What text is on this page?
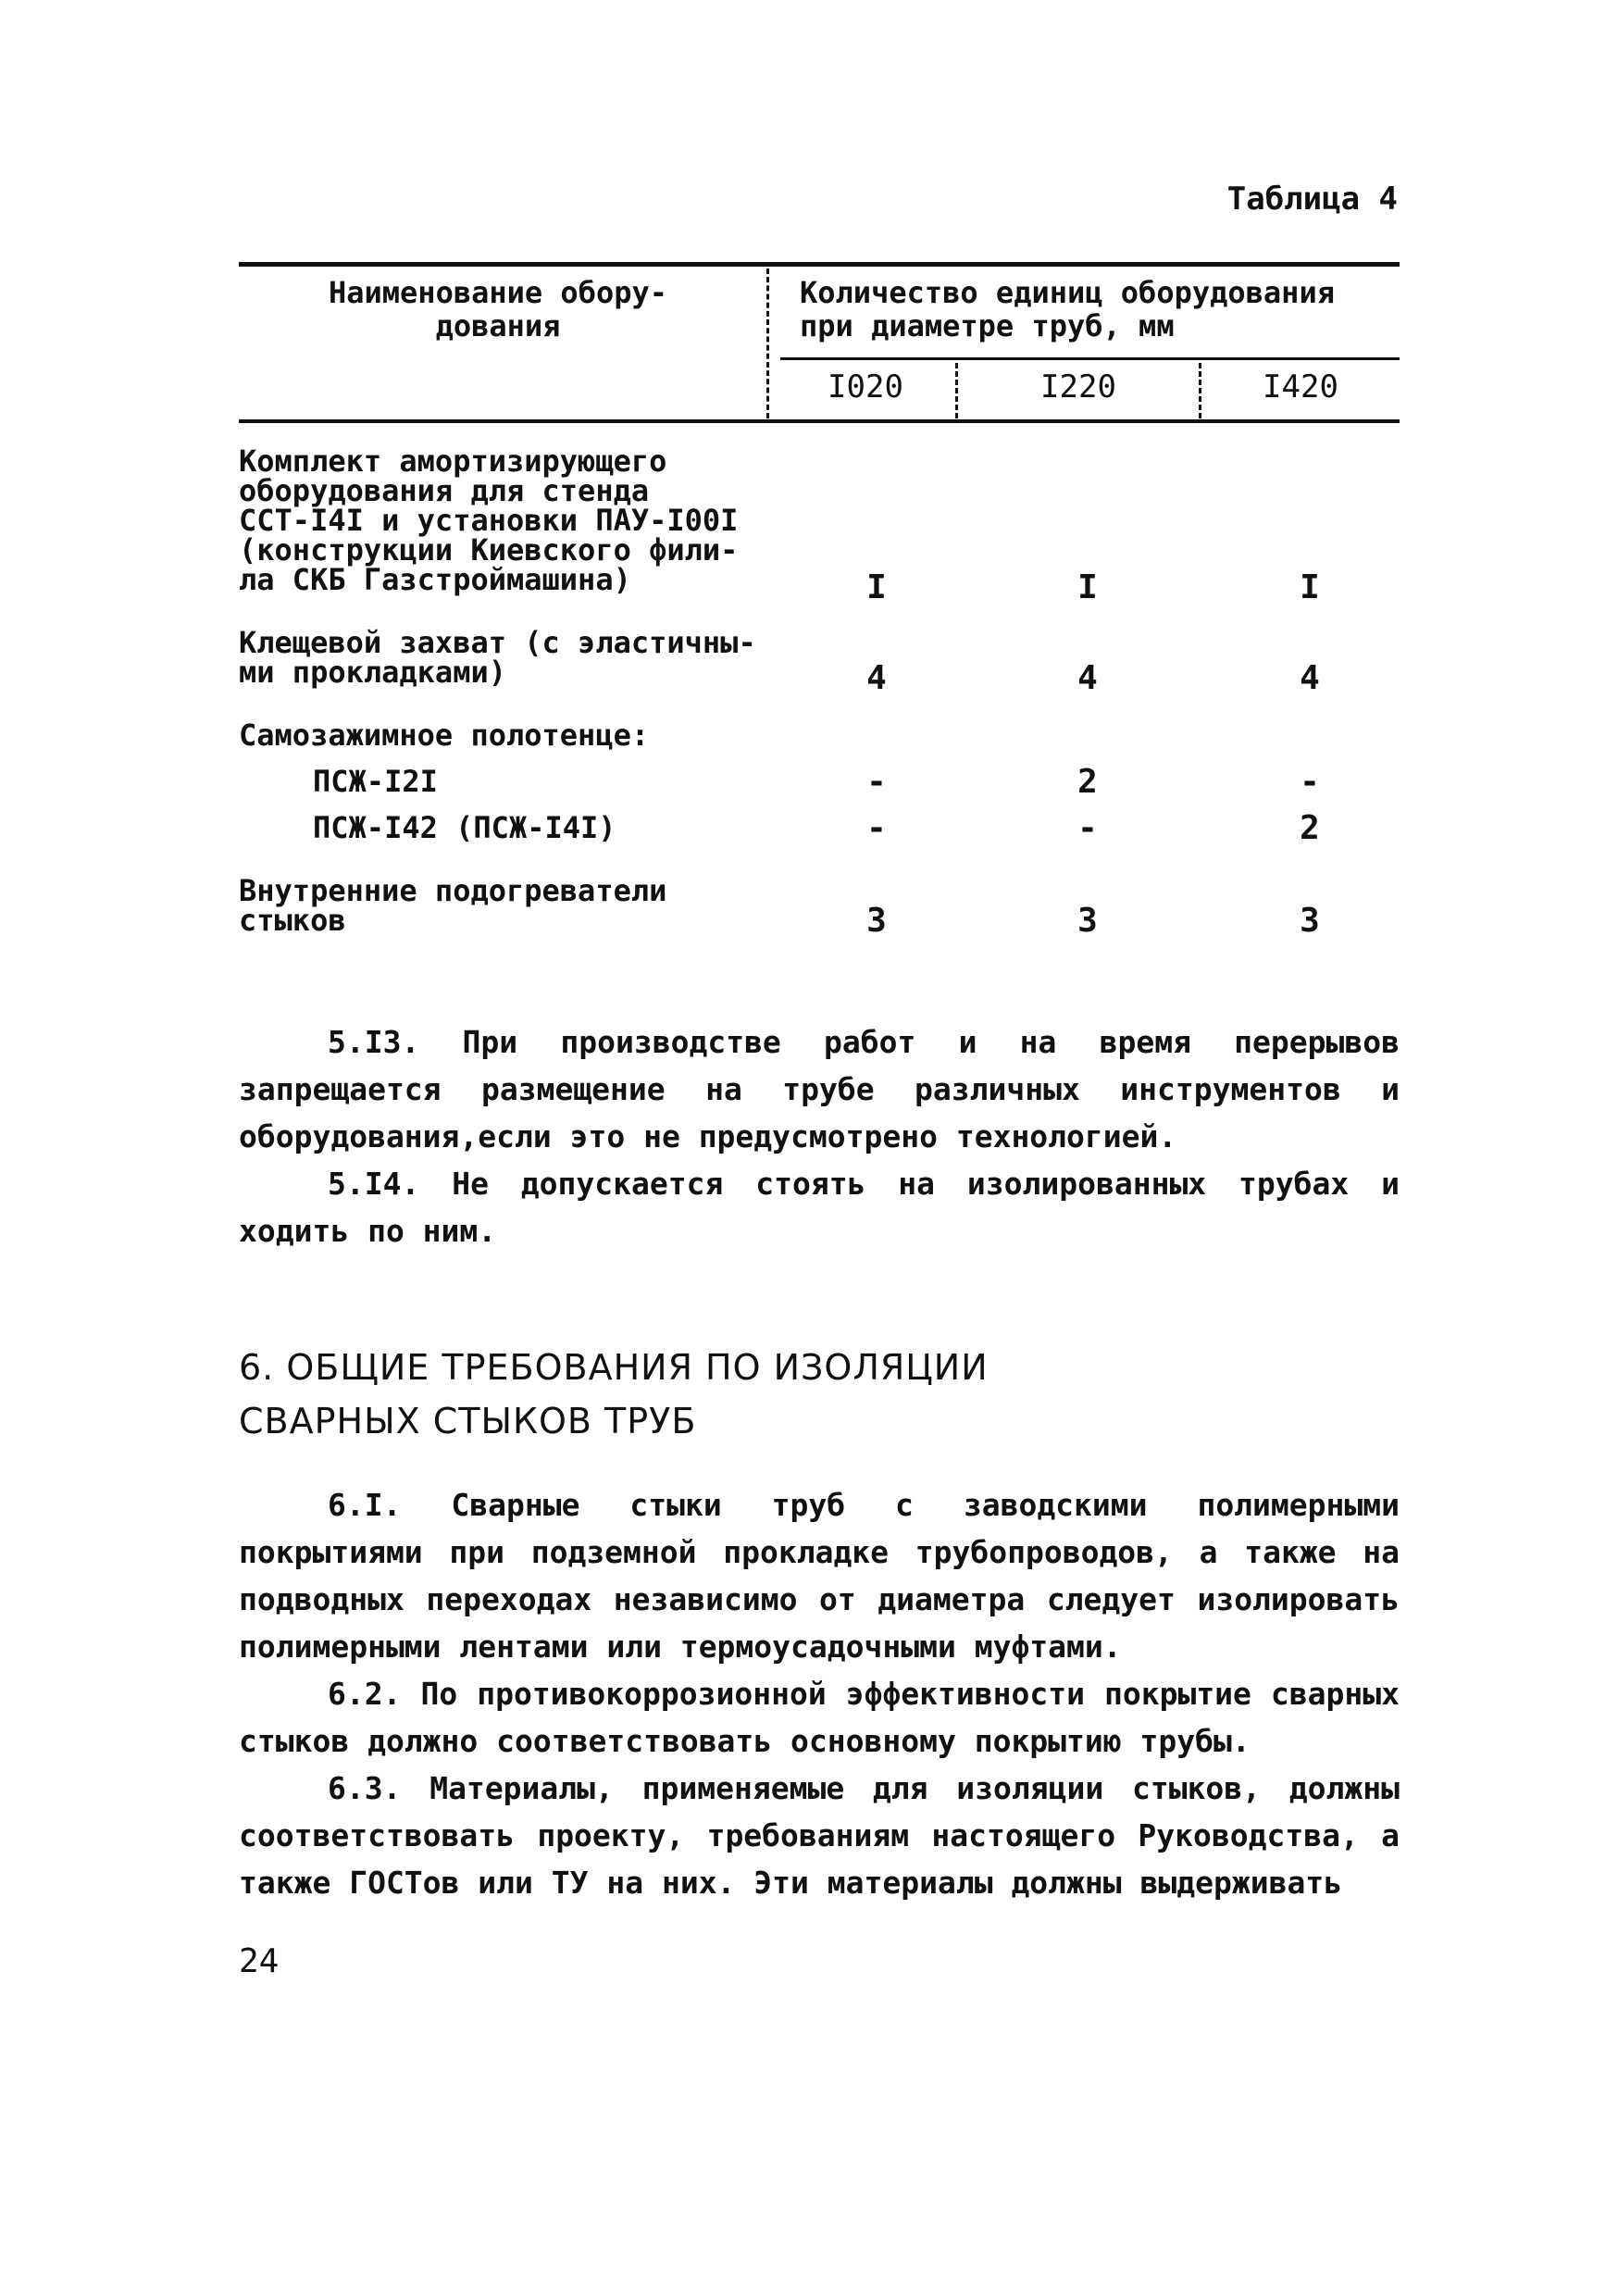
Таблица 4
Наименование обору-
дования
Количество единиц оборудования
при диаметре труб, мм
I020	I220	I420
Комплект амортизирующего
оборудования для стенда
ССТ-I4I и установки ПАУ-I00I
(конструкции Киевского фили-
ла СКБ Газстроймашина)	I	I	I
Клещевой захват (с эластичны-
ми прокладками)	4	4	4
Самозажимное полотенце:
ПСЖ-I2I	-	2	-
ПСЖ-I42 (ПСЖ-I4I)	-	-	2
Внутренние подогреватели
стыков	3	3	3

5.I3. При производстве работ и на время перерывов запрещается размещение на трубе различных инструментов и оборудования,если это не предусмотрено технологией.

5.I4. Не допускается стоять на изолированных трубах и ходить по ним.

6. ОБЩИЕ ТРЕБОВАНИЯ ПО ИЗОЛЯЦИИ
СВАРНЫХ СТЫКОВ ТРУБ

6.I. Сварные стыки труб с заводскими полимерными покрытиями при подземной прокладке трубопроводов, а также на подводных переходах независимо от диаметра следует изолировать полимерными лентами или термоусадочными муфтами.

6.2. По противокоррозионной эффективности покрытие сварных стыков должно соответствовать основному покрытию трубы.

6.3. Материалы, применяемые для изоляции стыков, должны соответствовать проекту, требованиям настоящего Руководства, а также ГОСТов или ТУ на них. Эти материалы должны выдерживать

24
